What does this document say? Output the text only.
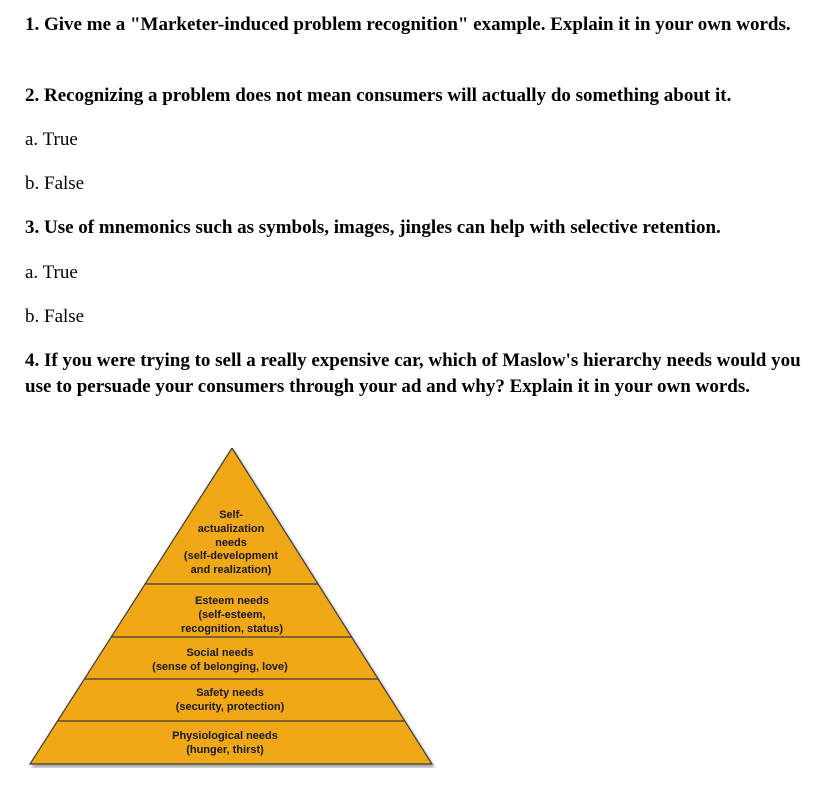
1. Give me a "Marketer-induced problem recognition" example. Explain it in your own words.

2. Recognizing a problem does not mean consumers will actually do something about it.

a. True

b. False

3. Use of mnemonics such as symbols, images, jingles can help with selective retention.

a. True

b. False

4. If you were trying to sell a really expensive car, which of Maslow's hierarchy needs would you use to persuade your consumers through your ad and why? Explain it in your own words.

Self-
actualization
needs
(self-development
and realization)
Esteem needs
(self-esteem,
recognition, status)
Social needs
(sense of belonging, love)
Safety needs
(security, protection)
Physiological needs
(hunger, thirst)
